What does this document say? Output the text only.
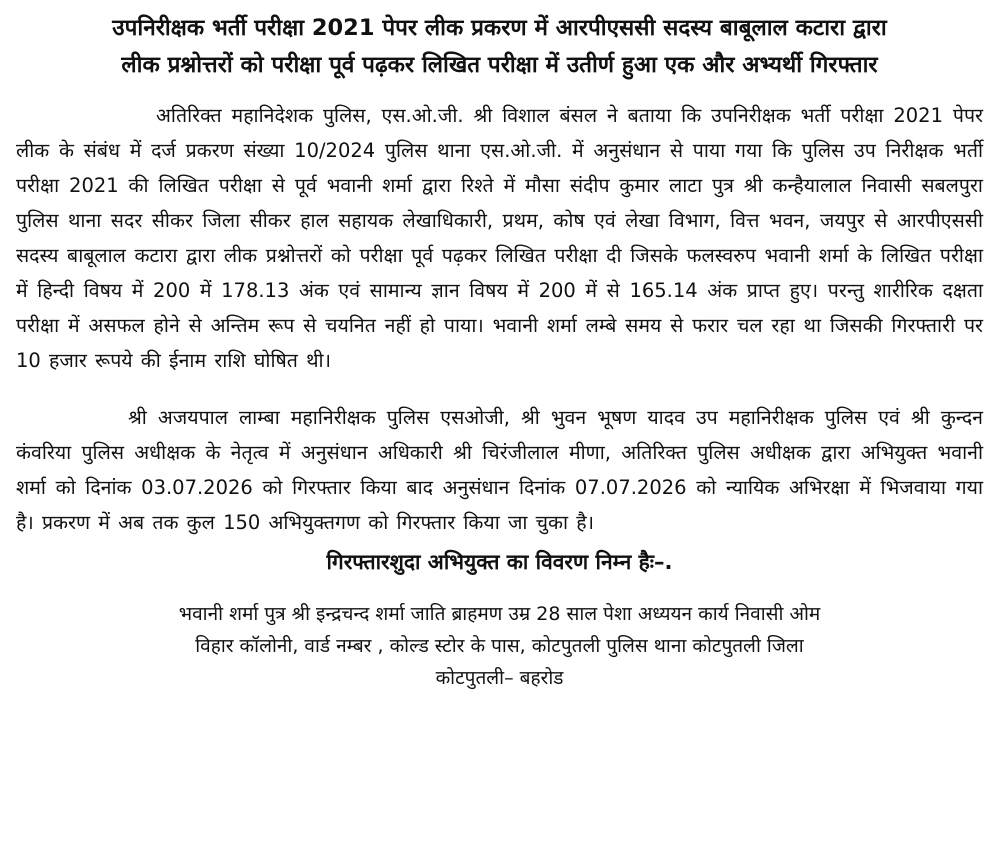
उपनिरीक्षक भर्ती परीक्षा 2021 पेपर लीक प्रकरण में आरपीएससी सदस्य बाबूलाल कटारा द्वारा
लीक प्रश्नोत्तरों को परीक्षा पूर्व पढ़कर लिखित परीक्षा में उतीर्ण हुआ एक और अभ्यर्थी गिरफ्तार

अतिरिक्त महानिदेशक पुलिस, एस.ओ.जी. श्री विशाल बंसल ने बताया कि उपनिरीक्षक भर्ती परीक्षा 2021 पेपर लीक के संबंध में दर्ज प्रकरण संख्या 10/2024 पुलिस थाना एस.ओ.जी. में अनुसंधान से पाया गया कि पुलिस उप निरीक्षक भर्ती परीक्षा 2021 की लिखित परीक्षा से पूर्व भवानी शर्मा द्वारा रिश्ते में मौसा संदीप कुमार लाटा पुत्र श्री कन्हैयालाल निवासी सबलपुरा पुलिस थाना सदर सीकर जिला सीकर हाल सहायक लेखाधिकारी, प्रथम, कोष एवं लेखा विभाग, वित्त भवन, जयपुर से आरपीएससी सदस्य बाबूलाल कटारा द्वारा लीक प्रश्नोत्तरों को परीक्षा पूर्व पढ़कर लिखित परीक्षा दी जिसके फलस्वरुप भवानी शर्मा के लिखित परीक्षा में हिन्दी विषय में 200 में 178.13 अंक एवं सामान्य ज्ञान विषय में 200 में से 165.14 अंक प्राप्त हुए। परन्तु शारीरिक दक्षता परीक्षा में असफल होने से अन्तिम रूप से चयनित नहीं हो पाया। भवानी शर्मा लम्बे समय से फरार चल रहा था जिसकी गिरफ्तारी पर 10 हजार रूपये की ईनाम राशि घोषित थी।

श्री अजयपाल लाम्बा महानिरीक्षक पुलिस एसओजी, श्री भुवन भूषण यादव उप महानिरीक्षक पुलिस एवं श्री कुन्दन कंवरिया पुलिस अधीक्षक के नेतृत्व में अनुसंधान अधिकारी श्री चिरंजीलाल मीणा, अतिरिक्त पुलिस अधीक्षक द्वारा अभियुक्त भवानी शर्मा को दिनांक 03.07.2026 को गिरफ्तार किया बाद अनुसंधान दिनांक 07.07.2026 को न्यायिक अभिरक्षा में भिजवाया गया है। प्रकरण में अब तक कुल 150 अभियुक्तगण को गिरफ्तार किया जा चुका है।

गिरफ्तारशुदा अभियुक्त का विवरण निम्न हैः–.
भवानी शर्मा पुत्र श्री इन्द्रचन्द शर्मा जाति ब्राहमण उम्र 28 साल पेशा अध्ययन कार्य निवासी ओम
विहार कॉलोनी, वार्ड नम्बर , कोल्ड स्टोर के पास, कोटपुतली पुलिस थाना कोटपुतली जिला
कोटपुतली– बहरोड
